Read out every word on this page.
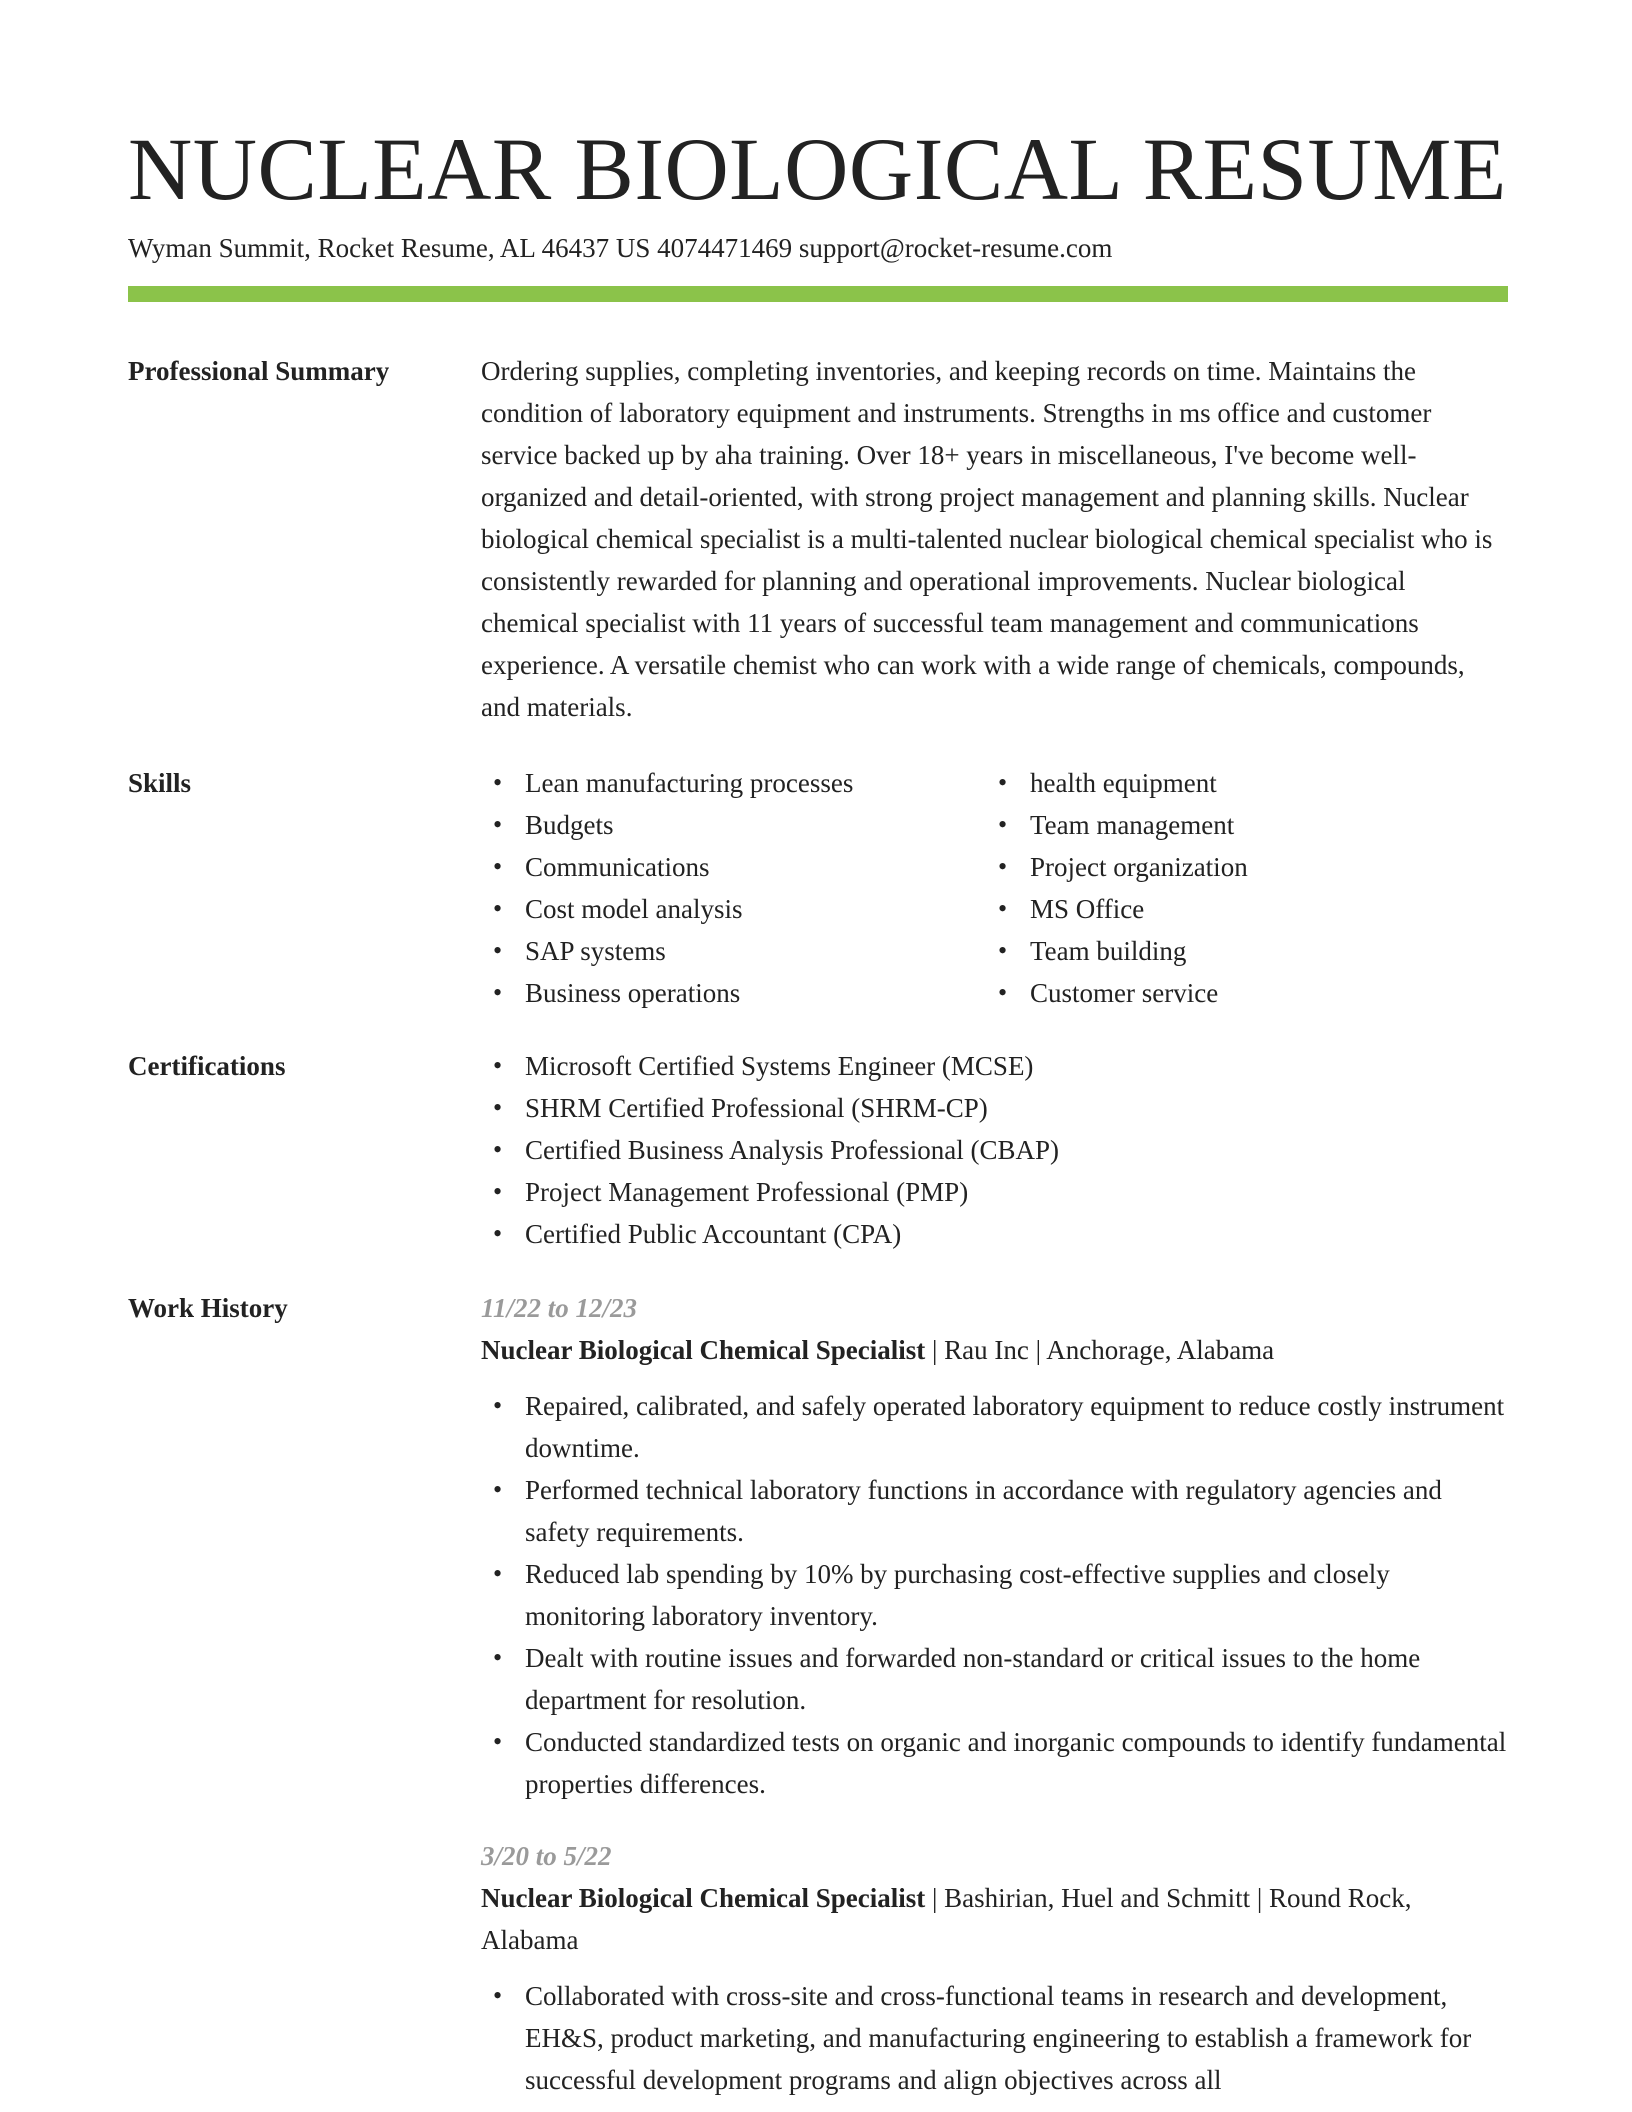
NUCLEAR BIOLOGICAL RESUME
Wyman Summit, Rocket Resume, AL 46437 US 4074471469 support@rocket-resume.com
Professional Summary	Ordering supplies, completing inventories, and keeping records on time. Maintains the condition of laboratory equipment and instruments. Strengths in ms office and customer service backed up by aha training. Over 18+ years in miscellaneous, I've become well-organized and detail-oriented, with strong project management and planning skills. Nuclear biological chemical specialist is a multi-talented nuclear biological chemical specialist who is consistently rewarded for planning and operational improvements. Nuclear biological chemical specialist with 11 years of successful team management and communications experience. A versatile chemist who can work with a wide range of chemicals, compounds, and materials.

Skills	• Lean manufacturing processes
• Budgets
• Communications
• Cost model analysis
• SAP systems
• Business operations
• health equipment
• Team management
• Project organization
• MS Office
• Team building
• Customer service
Certifications	• Microsoft Certified Systems Engineer (MCSE)
• SHRM Certified Professional (SHRM-CP)
• Certified Business Analysis Professional (CBAP)
• Project Management Professional (PMP)
• Certified Public Accountant (CPA)
Work History	11/22 to 12/23
Nuclear Biological Chemical Specialist | Rau Inc | Anchorage, Alabama
• Repaired, calibrated, and safely operated laboratory equipment to reduce costly instrument downtime.
• Performed technical laboratory functions in accordance with regulatory agencies and safety requirements.
• Reduced lab spending by 10% by purchasing cost-effective supplies and closely monitoring laboratory inventory.
• Dealt with routine issues and forwarded non-standard or critical issues to the home department for resolution.
• Conducted standardized tests on organic and inorganic compounds to identify fundamental properties differences.
3/20 to 5/22
Nuclear Biological Chemical Specialist | Bashirian, Huel and Schmitt | Round Rock, Alabama
• Collaborated with cross-site and cross-functional teams in research and development, EH&S, product marketing, and manufacturing engineering to establish a framework for successful development programs and align objectives across all
